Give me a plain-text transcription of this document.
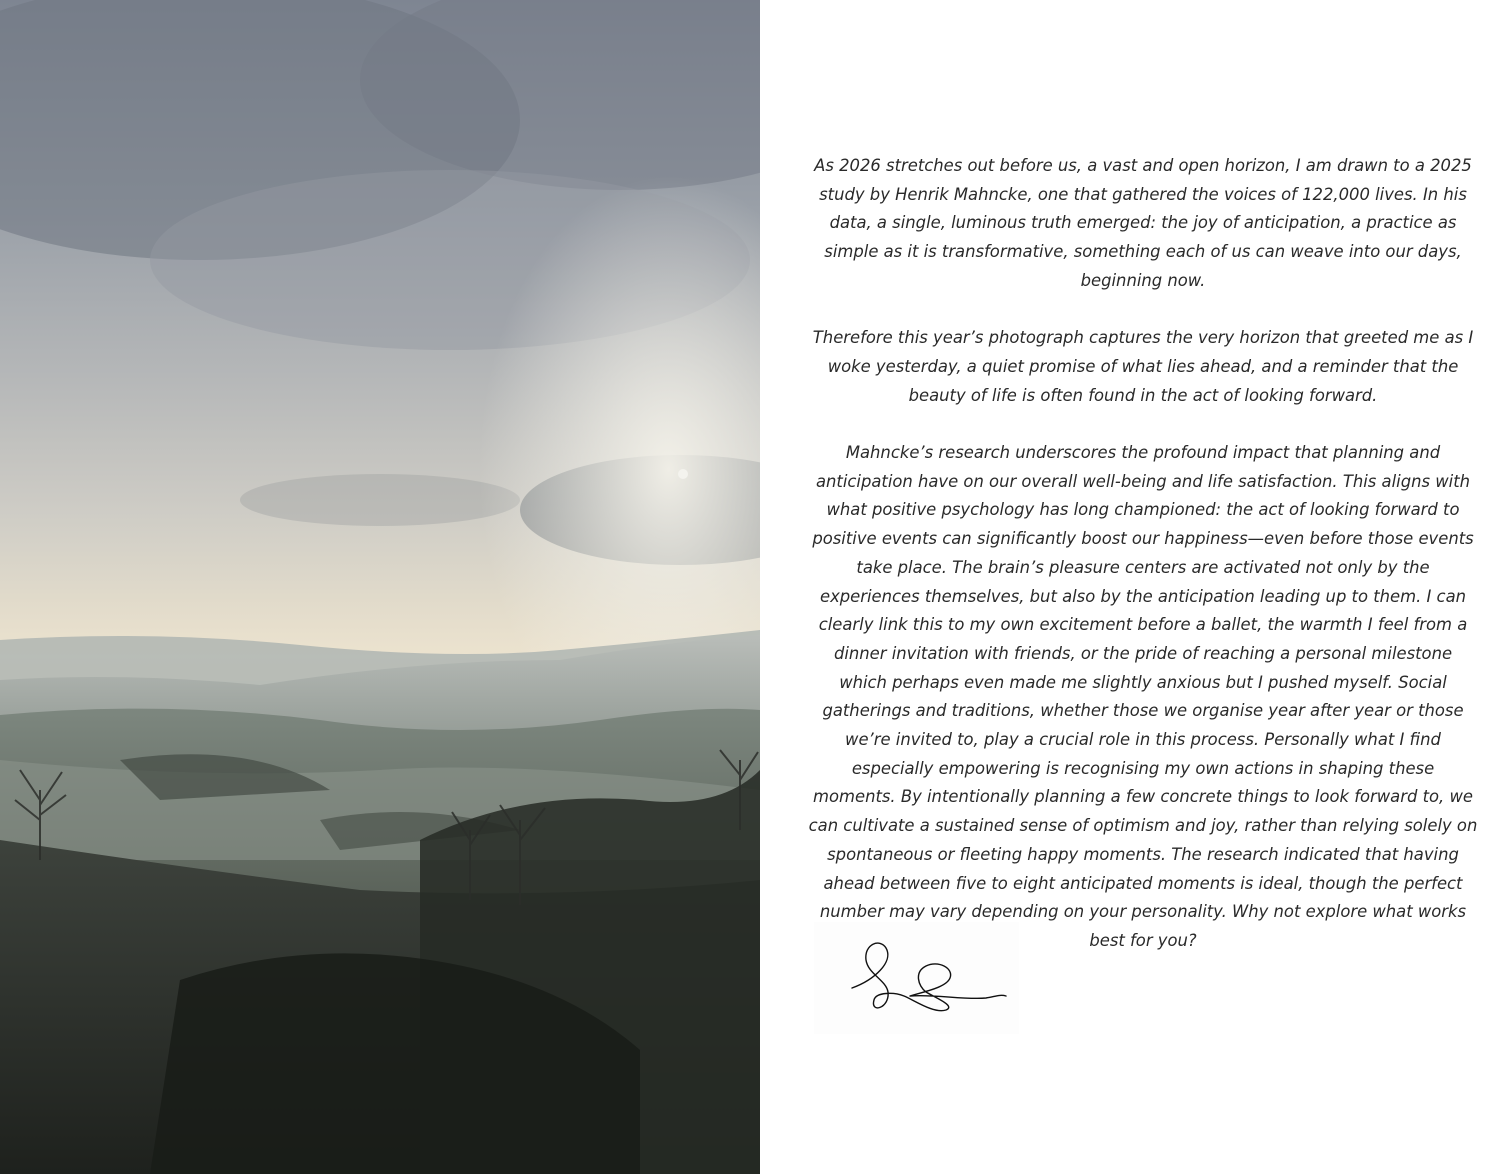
As 2026 stretches out before us, a vast and open horizon, I am drawn to a 2025 study by Henrik Mahncke, one that gathered the voices of 122,000 lives. In his data, a single, luminous truth emerged: the joy of anticipation, a practice as simple as it is transformative, something each of us can weave into our days, beginning now.

Therefore this year’s photograph captures the very horizon that greeted me as I woke yesterday, a quiet promise of what lies ahead, and a reminder that the beauty of life is often found in the act of looking forward.

Mahncke’s research underscores the profound impact that planning and anticipation have on our overall well-being and life satisfaction. This aligns with what positive psychology has long championed: the act of looking forward to positive events can significantly boost our happiness—even before those events take place. The brain’s pleasure centers are activated not only by the experiences themselves, but also by the anticipation leading up to them. I can clearly link this to my own excitement before a ballet, the warmth I feel from a dinner invitation with friends, or the pride of reaching a personal milestone which perhaps even made me slightly anxious but I pushed myself. Social gatherings and traditions, whether those we organise year after year or those we’re invited to, play a crucial role in this process. Personally what I find especially empowering is recognising my own actions in shaping these moments. By intentionally planning a few concrete things to look forward to, we can cultivate a sustained sense of optimism and joy, rather than relying solely on spontaneous or fleeting happy moments. The research indicated that having ahead between five to eight anticipated moments is ideal, though the perfect number may vary depending on your personality. Why not explore what works best for you?
